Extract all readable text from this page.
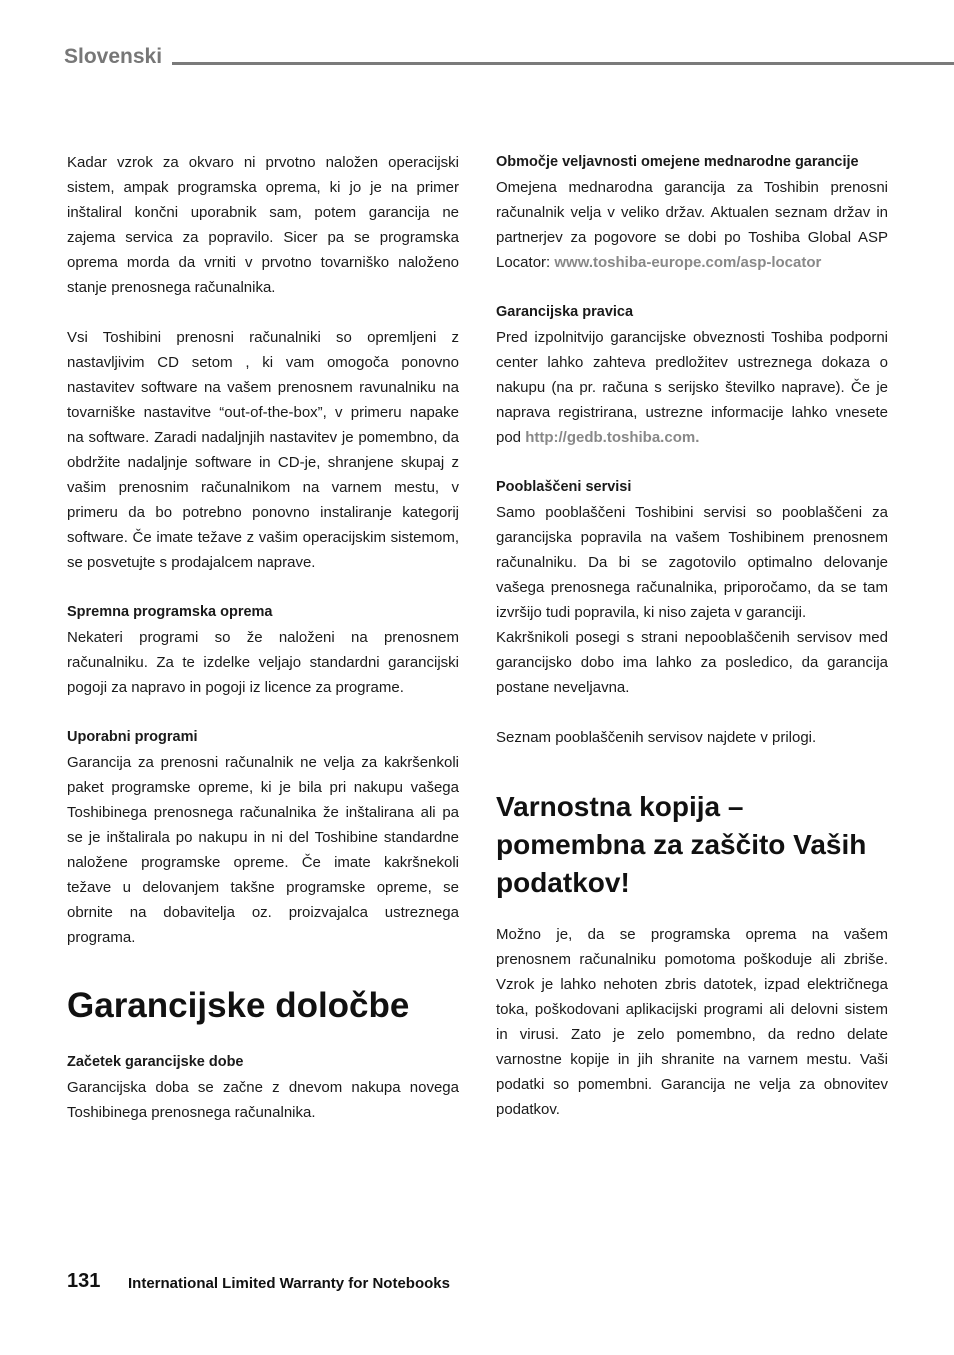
Slovenski

Kadar vzrok za okvaro ni prvotno naložen operacijski sistem, ampak programska oprema, ki jo je na primer inštaliral končni uporabnik sam, potem garancija ne zajema servica za popravilo. Sicer pa se programska oprema morda da vrniti v prvotno tovarniško naloženo stanje prenosnega računalnika.

Vsi Toshibini prenosni računalniki so opremljeni z nastavljivim CD setom , ki vam omogoča ponovno nastavitev software na vašem prenosnem ravunalniku na tovarniške nastavitve “out-of-the-box”, v primeru napake na software. Zaradi nadaljnjih nastavitev je pomembno, da obdržite nadaljnje software in CD-je, shranjene skupaj z vašim prenosnim računalnikom na varnem mestu, v primeru da bo potrebno ponovno instaliranje kategorij software. Če imate težave z vašim operacijskim sistemom, se posvetujte s prodajalcem naprave.

Spremna programska oprema

Nekateri programi so že naloženi na prenosnem računalniku. Za te izdelke veljajo standardni garancijski pogoji za napravo in pogoji iz licence za programe.

Uporabni programi

Garancija za prenosni računalnik ne velja za kakršenkoli paket programske opreme, ki je bila pri nakupu vašega Toshibinega prenosnega računalnika že inštalirana ali pa se je inštalirala po nakupu in ni del Toshibine standardne naložene programske opreme. Če imate kakršnekoli težave u delovanjem takšne programske opreme, se obrnite na dobavitelja oz. proizvajalca ustreznega programa.

Garancijske določbe

Začetek garancijske dobe

Garancijska doba se začne z dnevom nakupa novega Toshibinega prenosnega računalnika.

Območje veljavnosti omejene mednarodne garancije

Omejena mednarodna garancija za Toshibin prenosni računalnik velja v veliko držav. Aktualen seznam držav in partnerjev za pogovore se dobi po Toshiba Global ASP Locator: www.toshiba-europe.com/asp-locator

Garancijska pravica

Pred izpolnitvijo garancijske obveznosti Toshiba podporni center lahko zahteva predložitev ustreznega dokaza o nakupu (na pr. računa s serijsko številko naprave). Če je naprava registrirana, ustrezne informacije lahko vnesete pod http://gedb.toshiba.com.

Pooblaščeni servisi

Samo pooblaščeni Toshibini servisi so pooblaščeni za garancijska popravila na vašem Toshibinem prenosnem računalniku. Da bi se zagotovilo optimalno delovanje vašega prenosnega računalnika, priporočamo, da se tam izvršijo tudi popravila, ki niso zajeta v garanciji.

Kakršnikoli posegi s strani nepooblaščenih servisov med garancijsko dobo ima lahko za posledico, da garancija postane neveljavna.

Seznam pooblaščenih servisov najdete v prilogi.

Varnostna kopija – pomembna za zaščito Vaših podatkov!

Možno je, da se programska oprema na vašem prenosnem računalniku pomotoma poškoduje ali zbriše. Vzrok je lahko nehoten zbris datotek, izpad električnega toka, poškodovani aplikacijski programi ali delovni sistem in virusi. Zato je zelo pomembno, da redno delate varnostne kopije in jih shranite na varnem mestu. Vaši podatki so pomembni. Garancija ne velja za obnovitev podatkov.

131 International Limited Warranty for Notebooks
